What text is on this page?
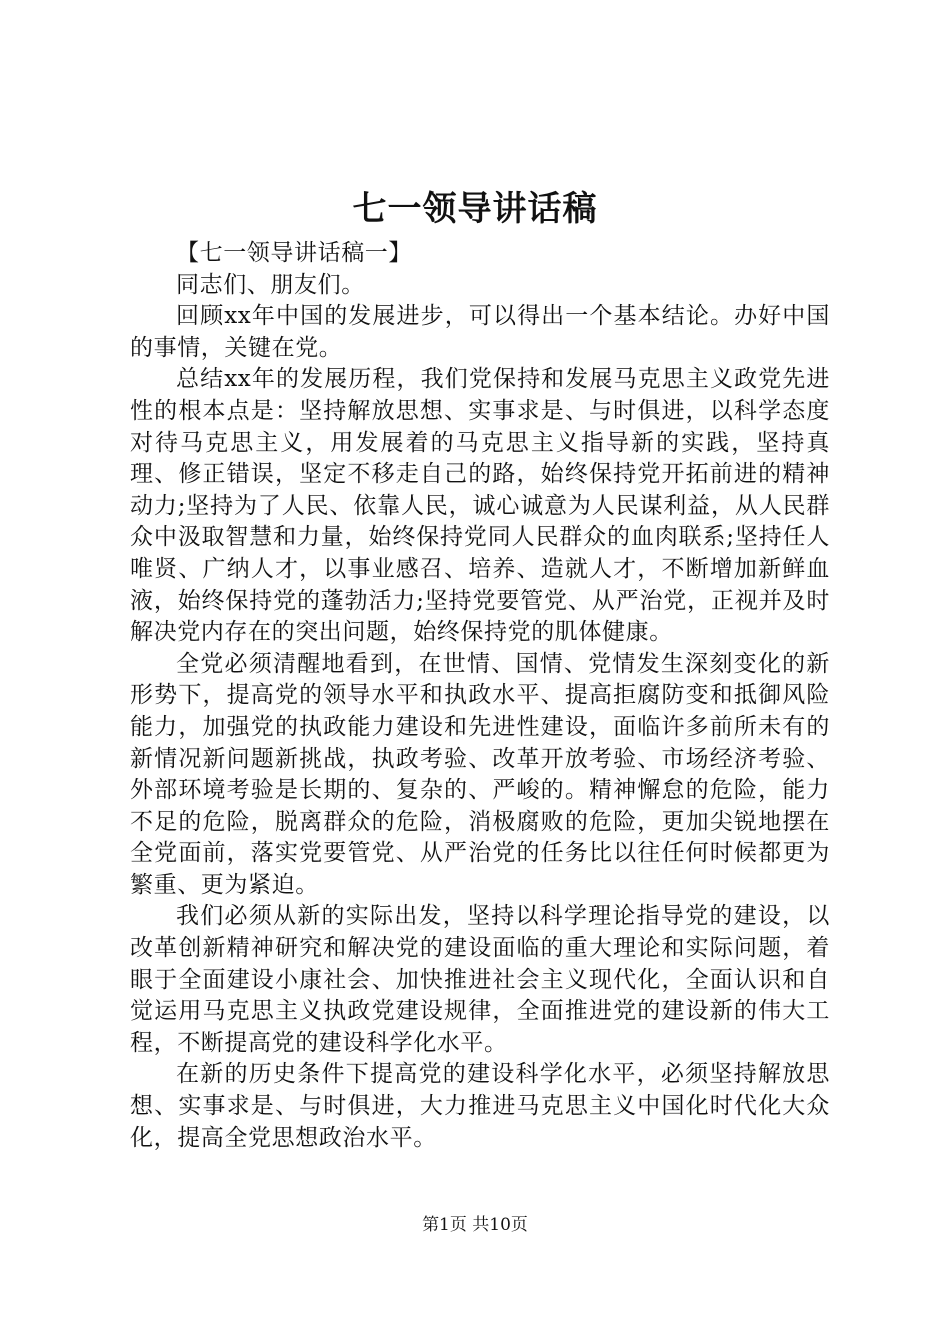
七一领导讲话稿
【七一领导讲话稿一】

同志们、朋友们。

回顾xx年中国的发展进步，可以得出一个基本结论。办好中国的事情，关键在党。

总结xx年的发展历程，我们党保持和发展马克思主义政党先进性的根本点是：坚持解放思想、实事求是、与时俱进，以科学态度对待马克思主义，用发展着的马克思主义指导新的实践，坚持真理、修正错误，坚定不移走自己的路，始终保持党开拓前进的精神动力;坚持为了人民、依靠人民，诚心诚意为人民谋利益，从人民群众中汲取智慧和力量，始终保持党同人民群众的血肉联系;坚持任人唯贤、广纳人才，以事业感召、培养、造就人才，不断增加新鲜血液，始终保持党的蓬勃活力;坚持党要管党、从严治党，正视并及时解决党内存在的突出问题，始终保持党的肌体健康。

全党必须清醒地看到，在世情、国情、党情发生深刻变化的新形势下，提高党的领导水平和执政水平、提高拒腐防变和抵御风险能力，加强党的执政能力建设和先进性建设，面临许多前所未有的新情况新问题新挑战，执政考验、改革开放考验、市场经济考验、外部环境考验是长期的、复杂的、严峻的。精神懈怠的危险，能力不足的危险，脱离群众的危险，消极腐败的危险，更加尖锐地摆在全党面前，落实党要管党、从严治党的任务比以往任何时候都更为繁重、更为紧迫。

我们必须从新的实际出发，坚持以科学理论指导党的建设，以改革创新精神研究和解决党的建设面临的重大理论和实际问题，着眼于全面建设小康社会、加快推进社会主义现代化，全面认识和自觉运用马克思主义执政党建设规律，全面推进党的建设新的伟大工程，不断提高党的建设科学化水平。

在新的历史条件下提高党的建设科学化水平，必须坚持解放思想、实事求是、与时俱进，大力推进马克思主义中国化时代化大众化，提高全党思想政治水平。

第1页 共10页
